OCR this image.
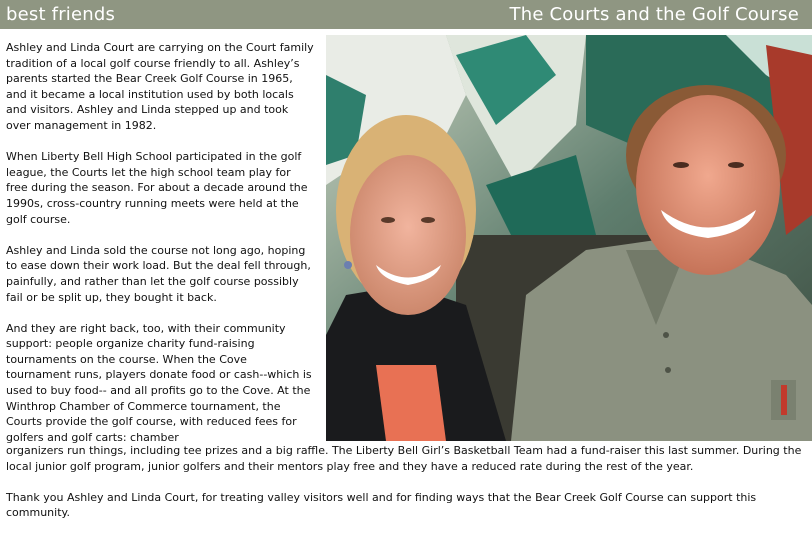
best friends	The Courts and the Golf Course

Ashley and Linda Court are carrying on the Court family tradition of a local golf course friendly to all. Ashley’s parents started the Bear Creek Golf Course in 1965, and it became a local institution used by both locals and visitors. Ashley and Linda stepped up and took over management in 1982.

When Liberty Bell High School participated in the golf league, the Courts let the high school team play for free during the season. For about a decade around the 1990s, cross-country running meets were held at the golf course.

Ashley and Linda sold the course not long ago, hoping to ease down their work load. But the deal fell through, painfully, and rather than let the golf course possibly fail or be split up, they bought it back.

And they are right back, too, with their community support: people organize charity fund-raising tournaments on the course. When the Cove tournament runs, players donate food or cash--which is used to buy food-- and all profits go to the Cove. At the Winthrop Chamber of Commerce tournament, the Courts provide the golf course, with reduced fees for golfers and golf carts: chamber

organizers run things, including tee prizes and a big raffle. The Liberty Bell Girl’s Basketball Team had a fund-raiser this last summer. During the local junior golf program, junior golfers and their mentors play free and they have a reduced rate during the rest of the year.

Thank you Ashley and Linda Court, for treating valley visitors well and for finding ways that the Bear Creek Golf Course can support this community.
